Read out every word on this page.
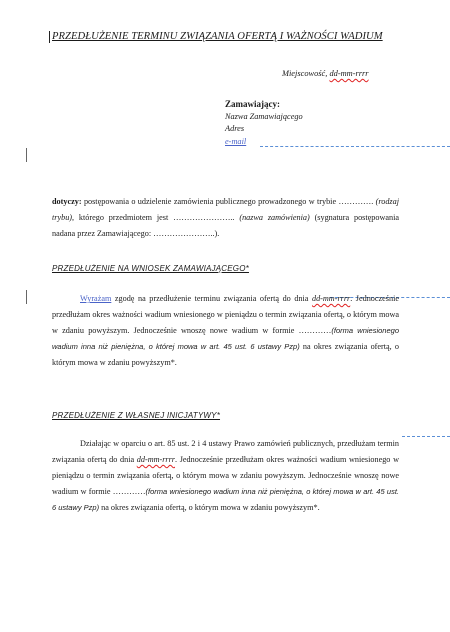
PRZEDŁUŻENIE TERMINU ZWIĄZANIA OFERTĄ I WAŻNOŚCI WADIUM
Miejscowość, dd-mm-rrrr
Zamawiający:
Nazwa Zamawiającego
Adres
e-mail
dotyczy: postępowania o udzielenie zamówienia publicznego prowadzonego w trybie …………. (rodzaj trybu), którego przedmiotem jest ………………….. (nazwa zamówienia) (sygnatura postępowania nadana przez Zamawiającego: …………………..).
PRZEDŁUŻENIE NA WNIOSEK ZAMAWIAJĄCEGO*
Wyrażam zgodę na przedłużenie terminu związania ofertą do dnia dd-mm-rrrr. Jednocześnie przedłużam okres ważności wadium wniesionego w pieniądzu o termin związania ofertą, o którym mowa w zdaniu powyższym. Jednocześnie wnoszę nowe wadium w formie …………(forma wniesionego wadium inna niż pieniężna, o której mowa w art. 45 ust. 6 ustawy Pzp) na okres związania ofertą, o którym mowa w zdaniu powyższym*.
PRZEDŁUŻENIE Z WŁASNEJ INICJATYWY*
Działając w oparciu o art. 85 ust. 2 i 4 ustawy Prawo zamówień publicznych, przedłużam termin związania ofertą do dnia dd-mm-rrrr. Jednocześnie przedłużam okres ważności wadium wniesionego w pieniądzu o termin związania ofertą, o którym mowa w zdaniu powyższym. Jednocześnie wnoszę nowe wadium w formie …………(forma wniesionego wadium inna niż pieniężna, o której mowa w art. 45 ust. 6 ustawy Pzp) na okres związania ofertą, o którym mowa w zdaniu powyższym*.
